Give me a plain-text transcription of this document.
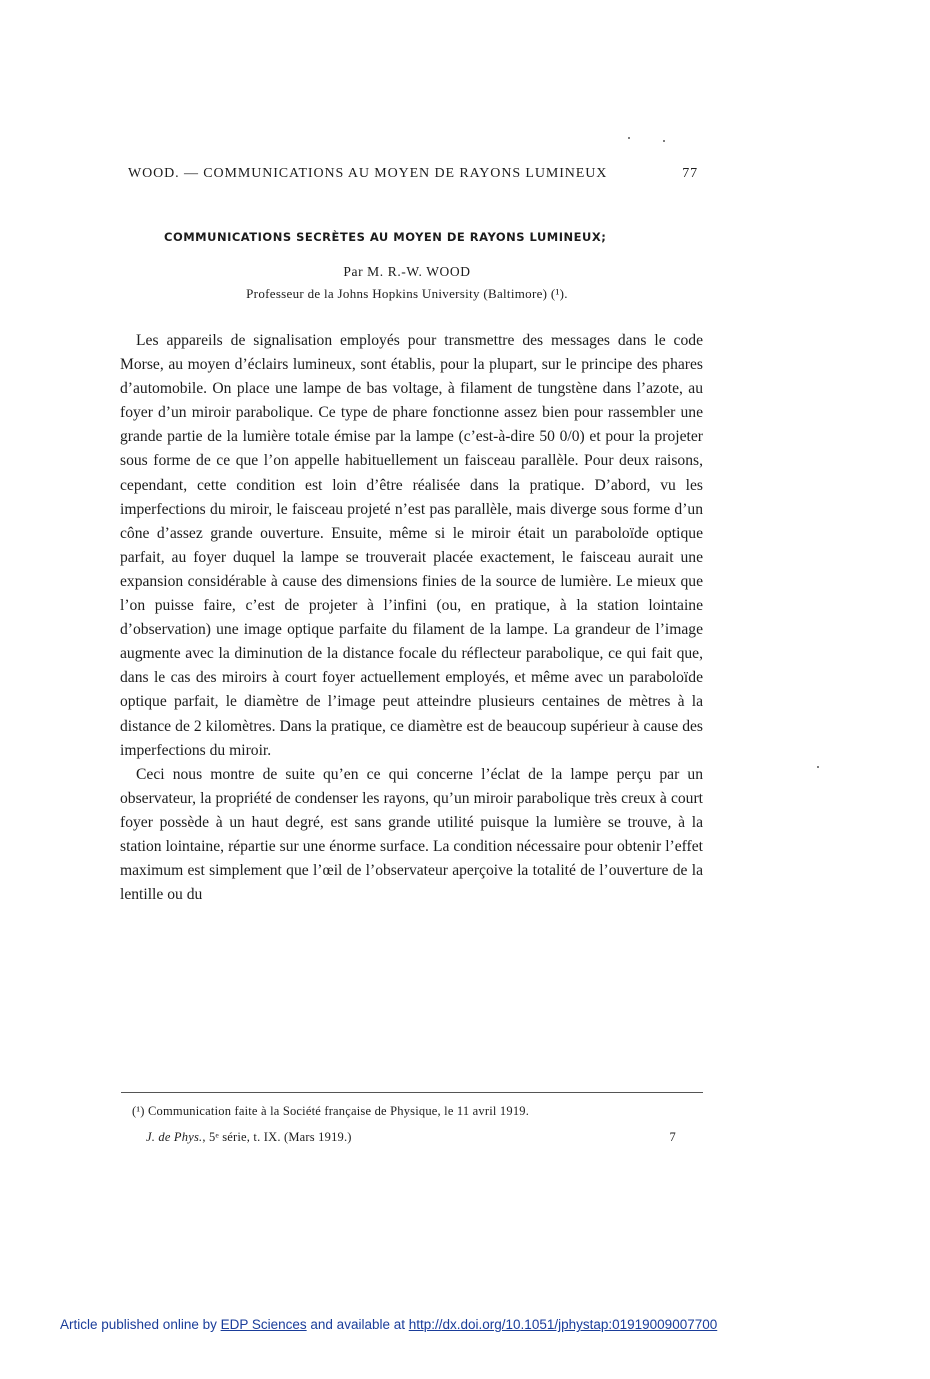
WOOD. — COMMUNICATIONS AU MOYEN DE RAYONS LUMINEUX	77
COMMUNICATIONS SECRÈTES AU MOYEN DE RAYONS LUMINEUX;
Par M. R.-W. WOOD
Professeur de la Johns Hopkins University (Baltimore) (¹).

Les appareils de signalisation employés pour transmettre des messages dans le code Morse, au moyen d’éclairs lumineux, sont établis, pour la plupart, sur le principe des phares d’automobile. On place une lampe de bas voltage, à filament de tungstène dans l’azote, au foyer d’un miroir parabolique. Ce type de phare fonctionne assez bien pour rassembler une grande partie de la lumière totale émise par la lampe (c’est-à-dire 50 0/0) et pour la projeter sous forme de ce que l’on appelle habituellement un faisceau parallèle. Pour deux raisons, cependant, cette condition est loin d’être réalisée dans la pratique. D’abord, vu les imperfections du miroir, le faisceau projeté n’est pas parallèle, mais diverge sous forme d’un cône d’assez grande ouverture. Ensuite, même si le miroir était un paraboloïde optique parfait, au foyer duquel la lampe se trouverait placée exactement, le faisceau aurait une expansion considérable à cause des dimensions finies de la source de lumière. Le mieux que l’on puisse faire, c’est de projeter à l’infini (ou, en pratique, à la station lointaine d’observation) une image optique parfaite du filament de la lampe. La grandeur de l’image augmente avec la diminution de la distance focale du réflecteur parabolique, ce qui fait que, dans le cas des miroirs à court foyer actuellement employés, et même avec un paraboloïde optique parfait, le diamètre de l’image peut atteindre plusieurs centaines de mètres à la distance de 2 kilomètres. Dans la pratique, ce diamètre est de beaucoup supérieur à cause des imperfections du miroir.

Ceci nous montre de suite qu’en ce qui concerne l’éclat de la lampe perçu par un observateur, la propriété de condenser les rayons, qu’un miroir parabolique très creux à court foyer possède à un haut degré, est sans grande utilité puisque la lumière se trouve, à la station lointaine, répartie sur une énorme surface. La condition nécessaire pour obtenir l’effet maximum est simplement que l’œil de l’observateur aperçoive la totalité de l’ouverture de la lentille ou du

(¹) Communication faite à la Société française de Physique, le 11 avril 1919.
J. de Phys., 5ᵉ série, t. IX. (Mars 1919.)	7
Article published online by EDP Sciences and available at http://dx.doi.org/10.1051/jphystap:01919009007700
